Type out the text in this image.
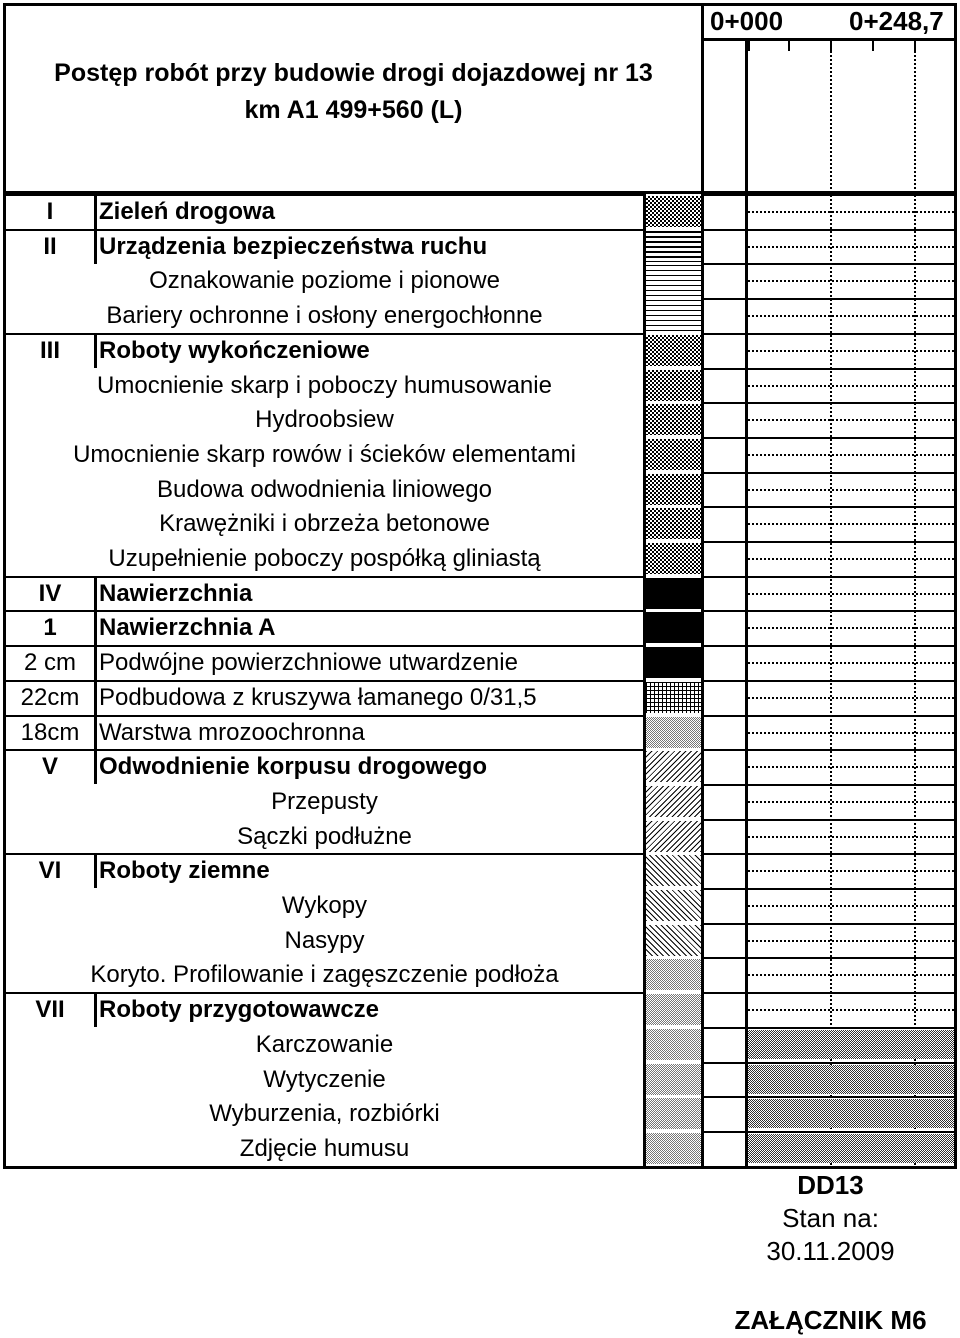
Postęp robót przy budowie drogi dojazdowej nr 13
km A1 499+560 (L)
0+000	0+248,7
I	Zieleń drogowa
II	Urządzenia bezpieczeństwa ruchu
Oznakowanie poziome i pionowe
Bariery ochronne i osłony energochłonne
III	Roboty wykończeniowe
Umocnienie skarp i poboczy humusowanie
Hydroobsiew
Umocnienie skarp rowów i ścieków elementami
Budowa odwodnienia liniowego
Krawężniki i obrzeża betonowe
Uzupełnienie poboczy pospółką gliniastą
IV	Nawierzchnia
1	Nawierzchnia A
2 cm Podwójne powierzchniowe utwardzenie
22cm Podbudowa z kruszywa łamanego 0/31,5
18cm Warstwa mrozoochronna
V	Odwodnienie korpusu drogowego
Przepusty
Sączki podłużne
VI	Roboty ziemne
Wykopy
Nasypy
Koryto. Profilowanie i zagęszczenie podłoża
VII	Roboty przygotowawcze
Karczowanie
Wytyczenie
Wyburzenia, rozbiórki
Zdjęcie humusu
DD13
Stan na:
30.11.2009
ZAŁĄCZNIK M6
